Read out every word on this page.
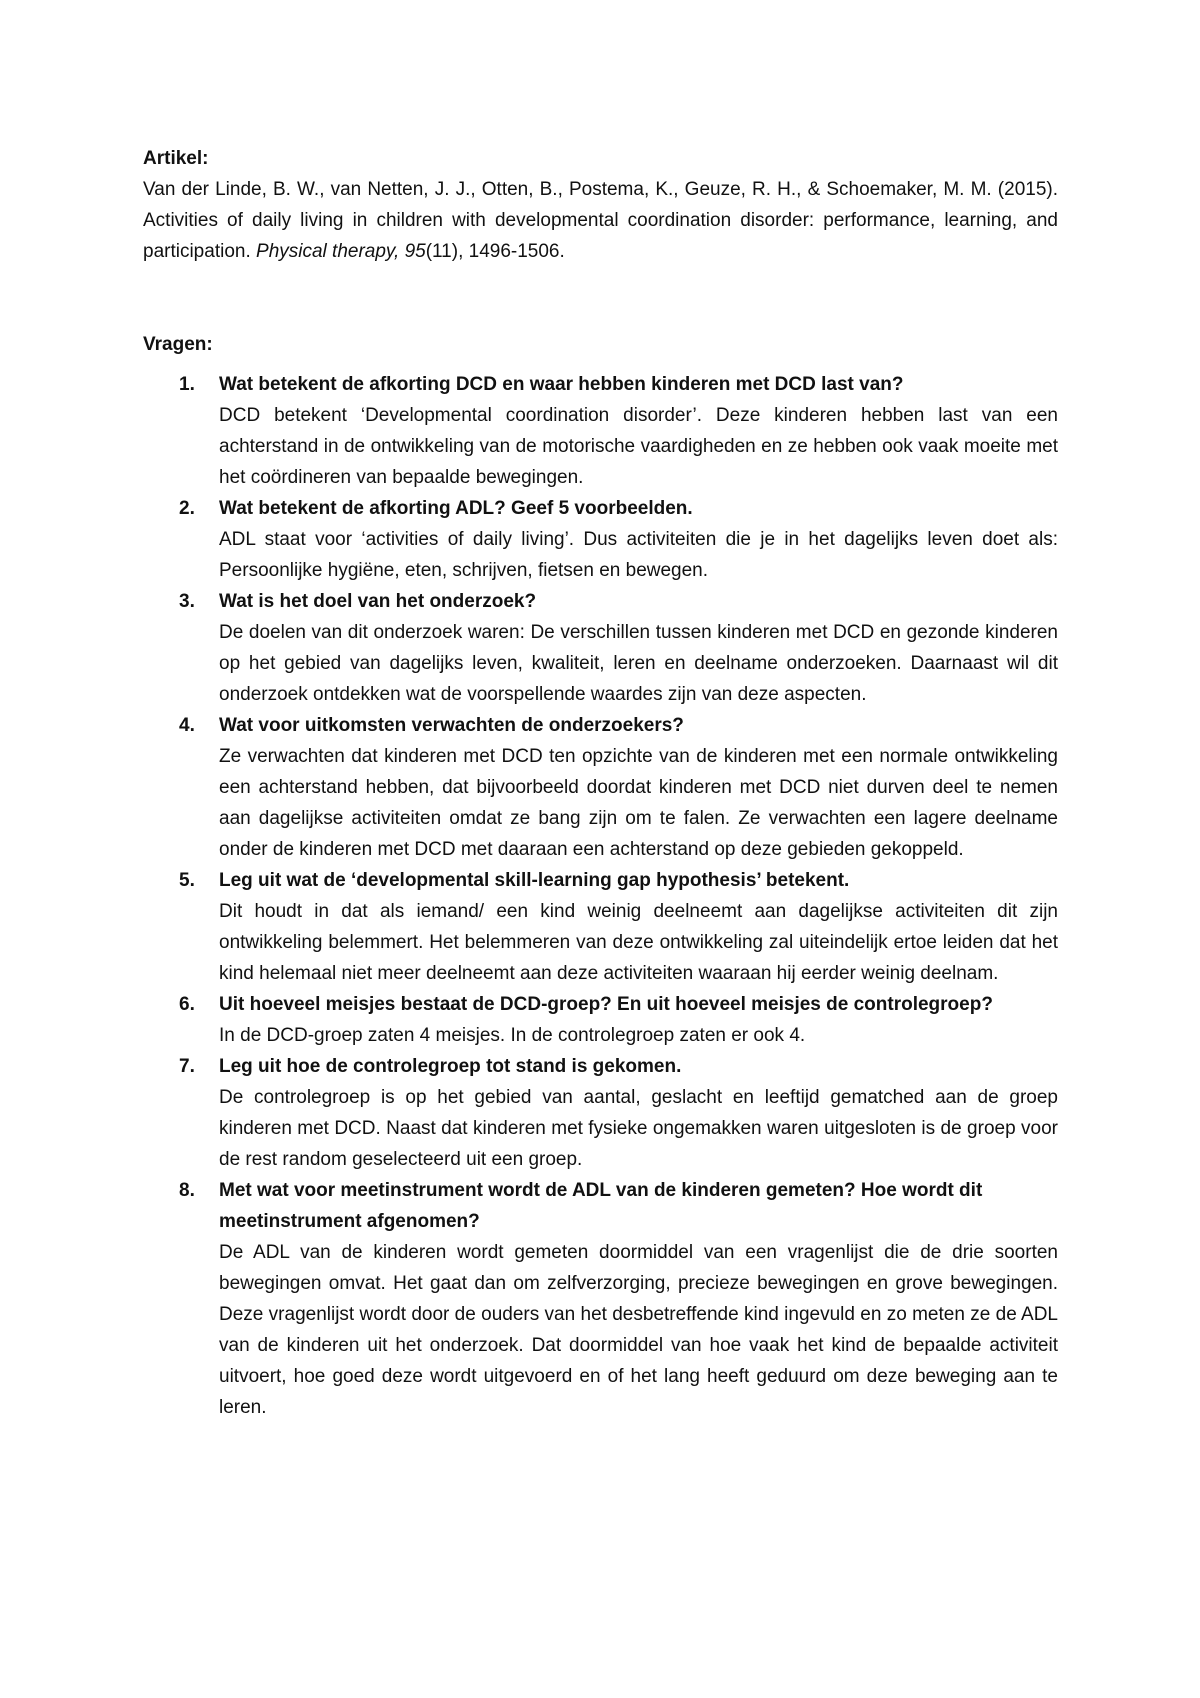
Artikel:

Van der Linde, B. W., van Netten, J. J., Otten, B., Postema, K., Geuze, R. H., & Schoemaker, M. M. (2015). Activities of daily living in children with developmental coordination disorder: performance, learning, and participation. Physical therapy, 95(11), 1496-1506.

Vragen:

1. Wat betekent de afkorting DCD en waar hebben kinderen met DCD last van?

DCD betekent ‘Developmental coordination disorder’. Deze kinderen hebben last van een achterstand in de ontwikkeling van de motorische vaardigheden en ze hebben ook vaak moeite met het coördineren van bepaalde bewegingen.

2. Wat betekent de afkorting ADL? Geef 5 voorbeelden.

ADL staat voor ‘activities of daily living’. Dus activiteiten die je in het dagelijks leven doet als: Persoonlijke hygiëne, eten, schrijven, fietsen en bewegen.

3. Wat is het doel van het onderzoek?

De doelen van dit onderzoek waren: De verschillen tussen kinderen met DCD en gezonde kinderen op het gebied van dagelijks leven, kwaliteit, leren en deelname onderzoeken. Daarnaast wil dit onderzoek ontdekken wat de voorspellende waardes zijn van deze aspecten.

4. Wat voor uitkomsten verwachten de onderzoekers?

Ze verwachten dat kinderen met DCD ten opzichte van de kinderen met een normale ontwikkeling een achterstand hebben, dat bijvoorbeeld doordat kinderen met DCD niet durven deel te nemen aan dagelijkse activiteiten omdat ze bang zijn om te falen. Ze verwachten een lagere deelname onder de kinderen met DCD met daaraan een achterstand op deze gebieden gekoppeld.

5. Leg uit wat de ‘developmental skill-learning gap hypothesis’ betekent.

Dit houdt in dat als iemand/ een kind weinig deelneemt aan dagelijkse activiteiten dit zijn ontwikkeling belemmert. Het belemmeren van deze ontwikkeling zal uiteindelijk ertoe leiden dat het kind helemaal niet meer deelneemt aan deze activiteiten waaraan hij eerder weinig deelnam.

6. Uit hoeveel meisjes bestaat de DCD-groep? En uit hoeveel meisjes de controlegroep?

In de DCD-groep zaten 4 meisjes. In de controlegroep zaten er ook 4.

7. Leg uit hoe de controlegroep tot stand is gekomen.

De controlegroep is op het gebied van aantal, geslacht en leeftijd gematched aan de groep kinderen met DCD. Naast dat kinderen met fysieke ongemakken waren uitgesloten is de groep voor de rest random geselecteerd uit een groep.

8. Met wat voor meetinstrument wordt de ADL van de kinderen gemeten? Hoe wordt dit meetinstrument afgenomen?

De ADL van de kinderen wordt gemeten doormiddel van een vragenlijst die de drie soorten bewegingen omvat. Het gaat dan om zelfverzorging, precieze bewegingen en grove bewegingen. Deze vragenlijst wordt door de ouders van het desbetreffende kind ingevuld en zo meten ze de ADL van de kinderen uit het onderzoek. Dat doormiddel van hoe vaak het kind de bepaalde activiteit uitvoert, hoe goed deze wordt uitgevoerd en of het lang heeft geduurd om deze beweging aan te leren.
